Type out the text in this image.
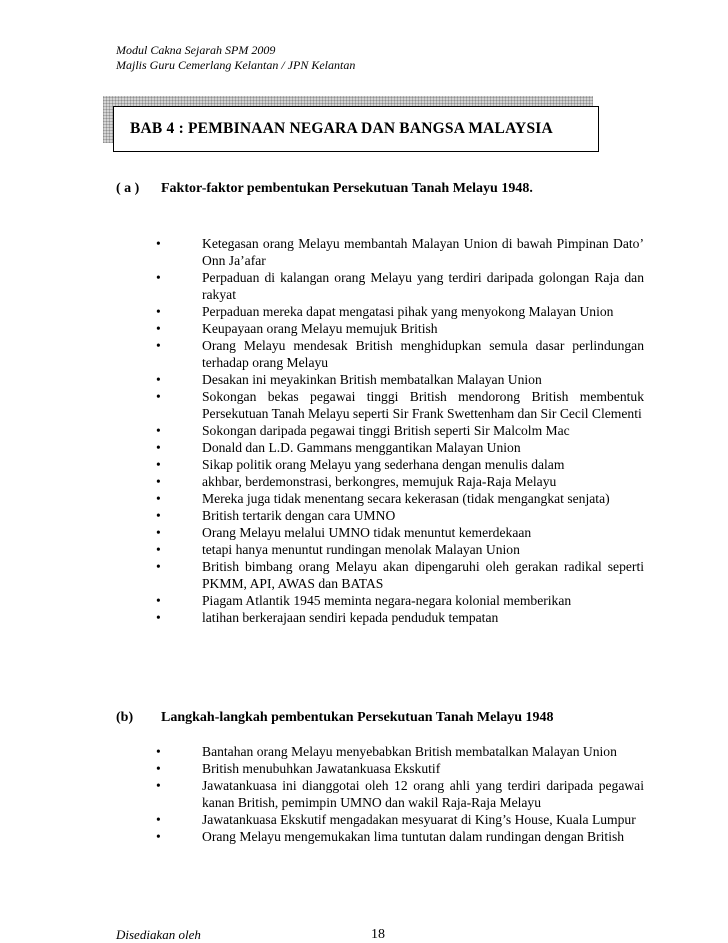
Modul Cakna Sejarah SPM 2009
Majlis Guru Cemerlang Kelantan / JPN Kelantan
BAB 4 : PEMBINAAN NEGARA DAN BANGSA MALAYSIA
( a ) Faktor-faktor pembentukan Persekutuan Tanah Melayu 1948.
•	Ketegasan orang Melayu membantah Malayan Union di bawah Pimpinan Dato’ Onn Ja’afar
•	Perpaduan di kalangan orang Melayu yang terdiri daripada golongan Raja dan rakyat
•	Perpaduan mereka dapat mengatasi pihak yang menyokong Malayan Union
•	Keupayaan orang Melayu memujuk British
•	Orang Melayu mendesak British menghidupkan semula dasar perlindungan terhadap orang Melayu
•	Desakan ini meyakinkan British membatalkan Malayan Union
•	Sokongan bekas pegawai tinggi British mendorong British membentuk Persekutuan Tanah Melayu seperti Sir Frank Swettenham dan Sir Cecil Clementi
•	Sokongan daripada pegawai tinggi British seperti Sir Malcolm Mac
•	Donald dan L.D. Gammans menggantikan Malayan Union
•	Sikap politik orang Melayu yang sederhana dengan menulis dalam
•	akhbar, berdemonstrasi, berkongres, memujuk Raja-Raja Melayu
•	Mereka juga tidak menentang secara kekerasan (tidak mengangkat senjata)
•	British tertarik dengan cara UMNO
•	Orang Melayu melalui UMNO tidak menuntut kemerdekaan
•	tetapi hanya menuntut rundingan menolak Malayan Union
•	British bimbang orang Melayu akan dipengaruhi oleh gerakan radikal seperti PKMM, API, AWAS dan BATAS
•	Piagam Atlantik 1945 meminta negara-negara kolonial memberikan
•	latihan berkerajaan sendiri kepada penduduk tempatan
(b) Langkah-langkah pembentukan Persekutuan Tanah Melayu 1948
•	Bantahan orang Melayu menyebabkan British membatalkan Malayan Union
•	British menubuhkan Jawatankuasa Ekskutif
•	Jawatankuasa ini dianggotai oleh 12 orang ahli yang terdiri daripada pegawai kanan British, pemimpin UMNO dan wakil Raja-Raja Melayu
•	Jawatankuasa Ekskutif mengadakan mesyuarat di King’s House, Kuala Lumpur
•	Orang Melayu mengemukakan lima tuntutan dalam rundingan dengan British
Disediakan oleh	18
